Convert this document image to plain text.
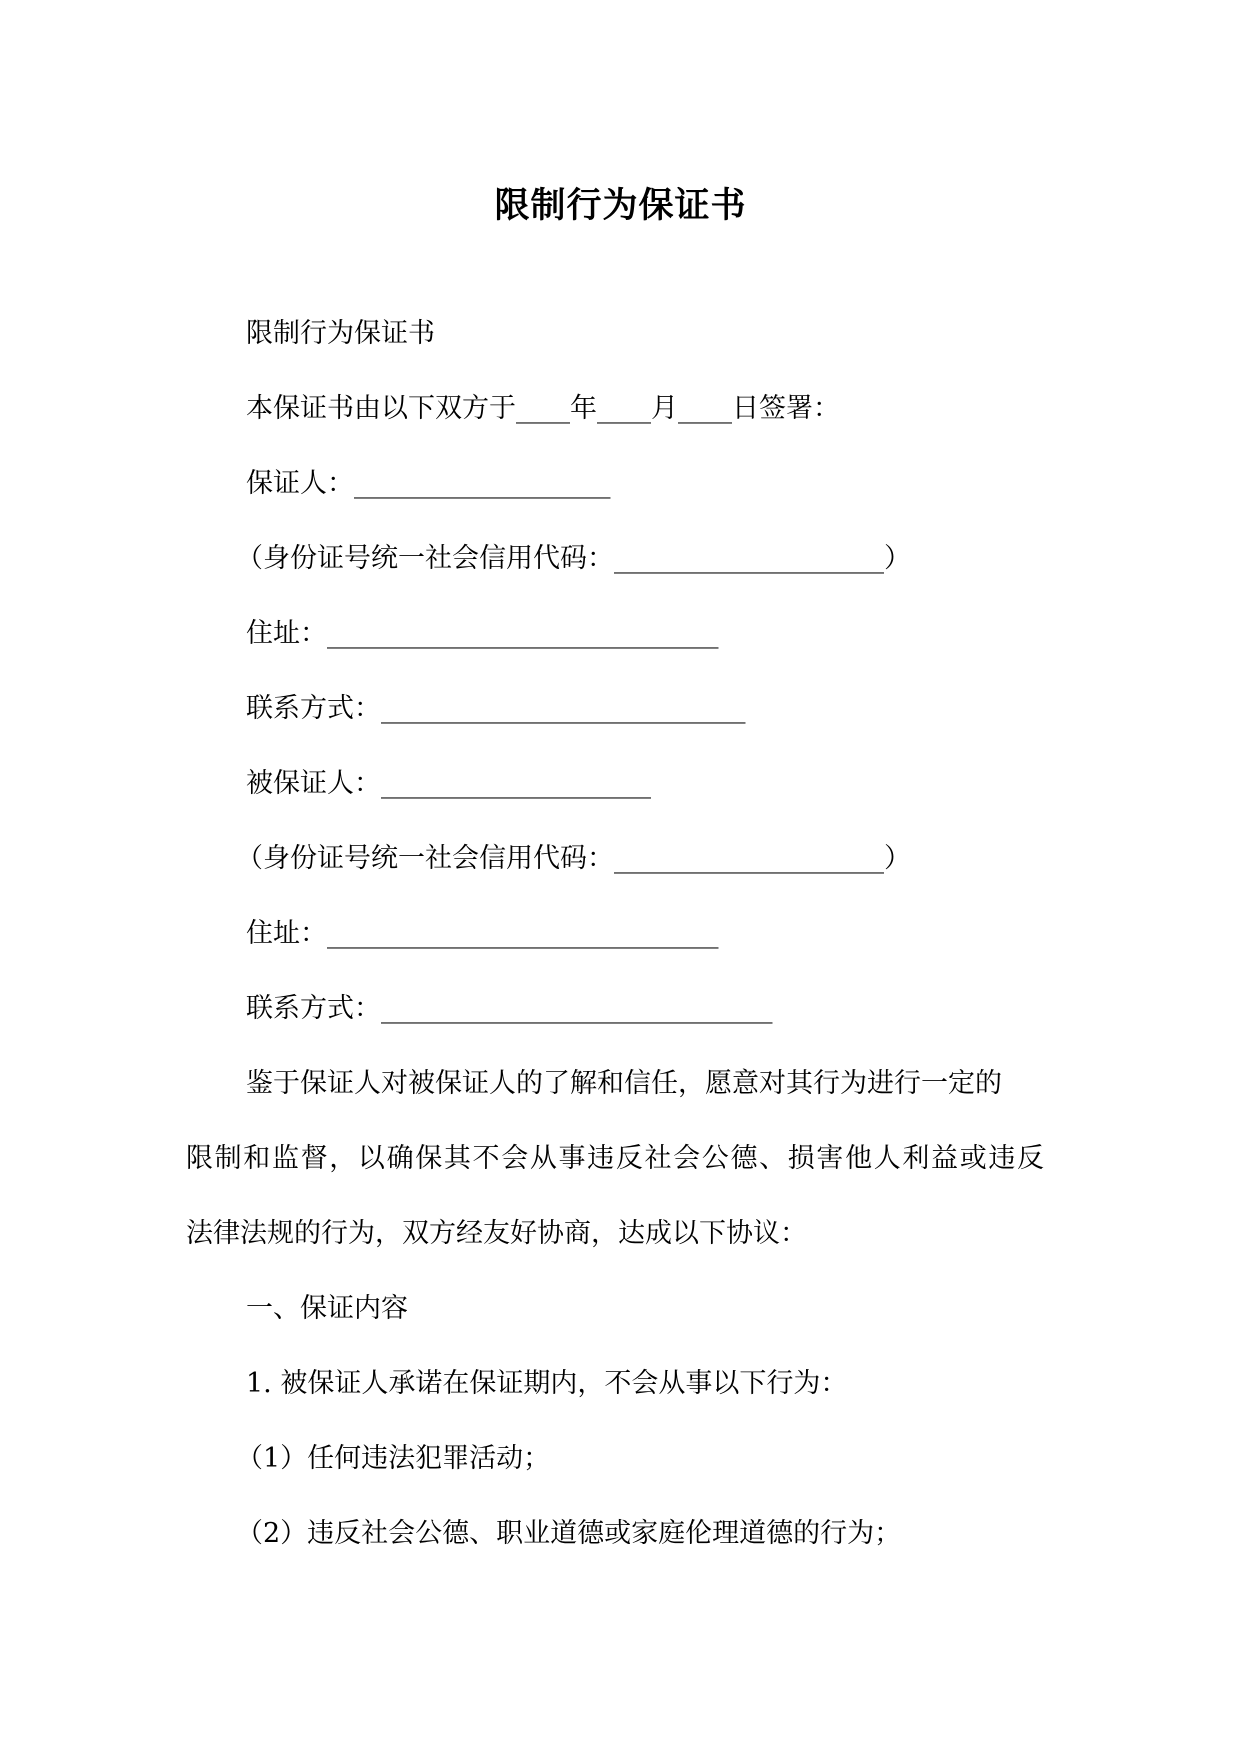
限制行为保证书
限制行为保证书
本保证书由以下双方于____年____月____日签署：
保证人：___________________
（身份证号统一社会信用代码：____________________）
住址：_____________________________
联系方式：___________________________
被保证人：____________________
（身份证号统一社会信用代码：____________________）
住址：_____________________________
联系方式：_____________________________
鉴于保证人对被保证人的了解和信任，愿意对其行为进行一定的
限制和监督，以确保其不会从事违反社会公德、损害他人利益或违反
法律法规的行为，双方经友好协商，达成以下协议：
一、保证内容
1. 被保证人承诺在保证期内，不会从事以下行为：
（1）任何违法犯罪活动；
（2）违反社会公德、职业道德或家庭伦理道德的行为；
